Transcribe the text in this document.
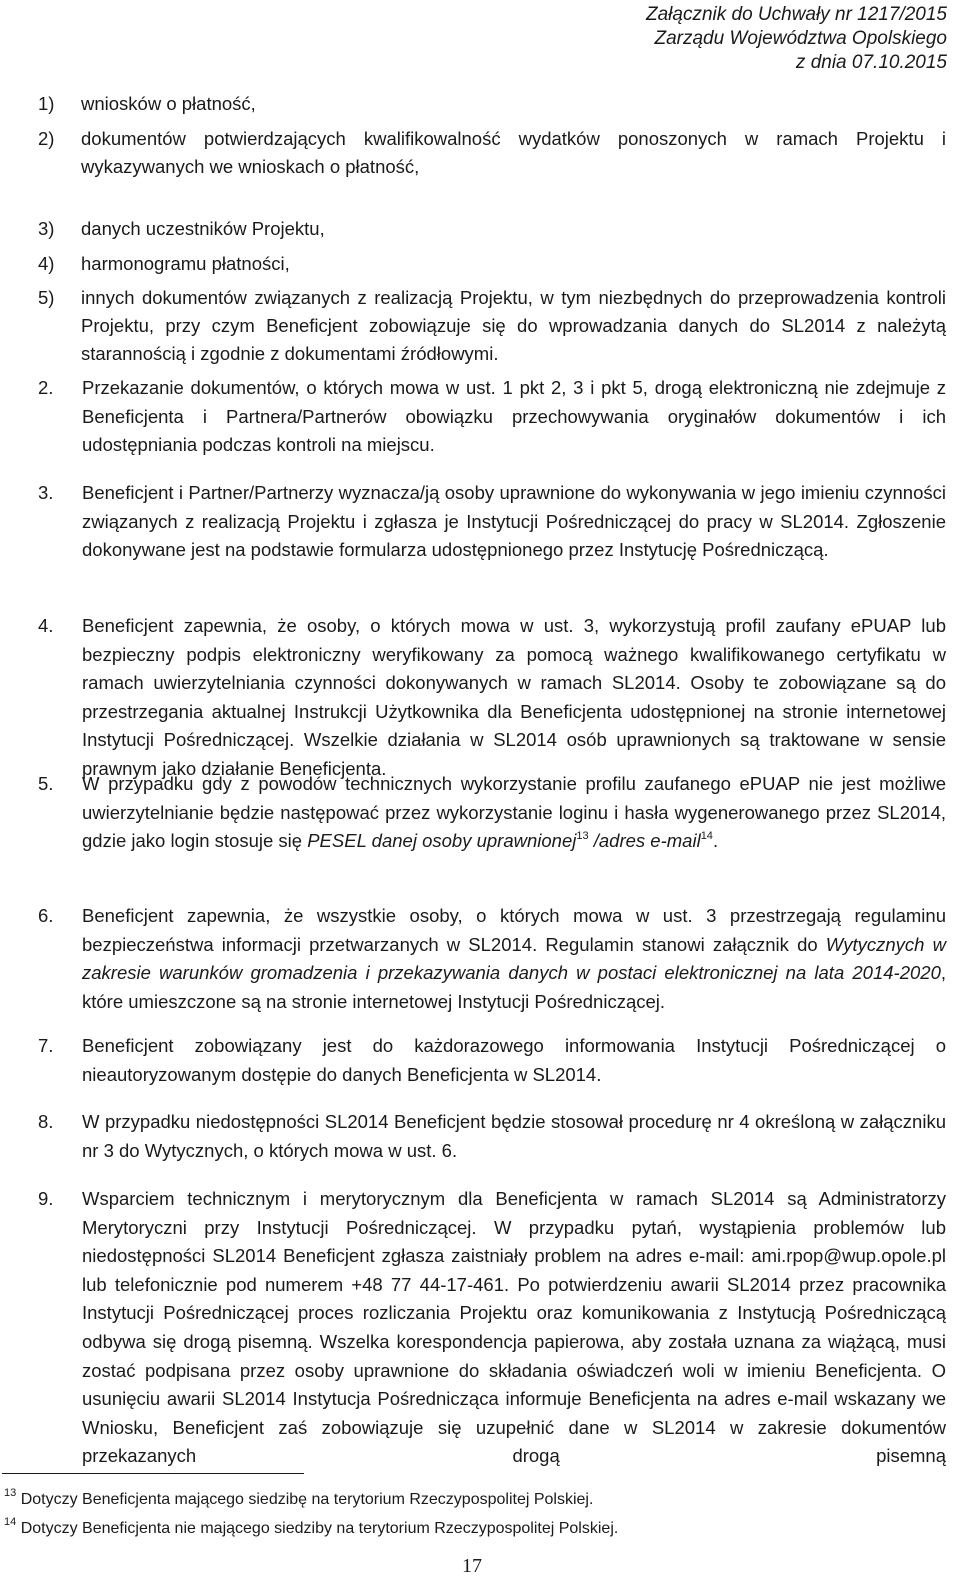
Załącznik do Uchwały nr 1217/2015
Zarządu Województwa Opolskiego
z dnia 07.10.2015
1) wniosków o płatność,
2) dokumentów potwierdzających kwalifikowalność wydatków ponoszonych w ramach Projektu i wykazywanych we wnioskach o płatność,
3) danych uczestników Projektu,
4) harmonogramu płatności,
5) innych dokumentów związanych z realizacją Projektu, w tym niezbędnych do przeprowadzenia kontroli Projektu, przy czym Beneficjent zobowiązuje się do wprowadzania danych do SL2014 z należytą starannością i zgodnie z dokumentami źródłowymi.
2. Przekazanie dokumentów, o których mowa w ust. 1 pkt 2, 3 i pkt 5, drogą elektroniczną nie zdejmuje z Beneficjenta i Partnera/Partnerów obowiązku przechowywania oryginałów dokumentów i ich udostępniania podczas kontroli na miejscu.
3. Beneficjent i Partner/Partnerzy wyznacza/ją osoby uprawnione do wykonywania w jego imieniu czynności związanych z realizacją Projektu i zgłasza je Instytucji Pośredniczącej do pracy w SL2014. Zgłoszenie dokonywane jest na podstawie formularza udostępnionego przez Instytucję Pośredniczącą.
4. Beneficjent zapewnia, że osoby, o których mowa w ust. 3, wykorzystują profil zaufany ePUAP lub bezpieczny podpis elektroniczny weryfikowany za pomocą ważnego kwalifikowanego certyfikatu w ramach uwierzytelniania czynności dokonywanych w ramach SL2014. Osoby te zobowiązane są do przestrzegania aktualnej Instrukcji Użytkownika dla Beneficjenta udostępnionej na stronie internetowej Instytucji Pośredniczącej. Wszelkie działania w SL2014 osób uprawnionych są traktowane w sensie prawnym jako działanie Beneficjenta.
5. W przypadku gdy z powodów technicznych wykorzystanie profilu zaufanego ePUAP nie jest możliwe uwierzytelnianie będzie następować przez wykorzystanie loginu i hasła wygenerowanego przez SL2014, gdzie jako login stosuje się PESEL danej osoby uprawnionej$^{13}$ /adres e-mail$^{14}$.
6. Beneficjent zapewnia, że wszystkie osoby, o których mowa w ust. 3 przestrzegają regulaminu bezpieczeństwa informacji przetwarzanych w SL2014. Regulamin stanowi załącznik do Wytycznych w zakresie warunków gromadzenia i przekazywania danych w postaci elektronicznej na lata 2014-2020, które umieszczone są na stronie internetowej Instytucji Pośredniczącej.
7. Beneficjent zobowiązany jest do każdorazowego informowania Instytucji Pośredniczącej o nieautoryzowanym dostępie do danych Beneficjenta w SL2014.
8. W przypadku niedostępności SL2014 Beneficjent będzie stosował procedurę nr 4 określoną w załączniku nr 3 do Wytycznych, o których mowa w ust. 6.
9. Wsparciem technicznym i merytorycznym dla Beneficjenta w ramach SL2014 są Administratorzy Merytoryczni przy Instytucji Pośredniczącej. W przypadku pytań, wystąpienia problemów lub niedostępności SL2014 Beneficjent zgłasza zaistniały problem na adres e-mail: ami.rpop@wup.opole.pl lub telefonicznie pod numerem +48 77 44-17-461. Po potwierdzeniu awarii SL2014 przez pracownika Instytucji Pośredniczącej proces rozliczania Projektu oraz komunikowania z Instytucją Pośredniczącą odbywa się drogą pisemną. Wszelka korespondencja papierowa, aby została uznana za wiążącą, musi zostać podpisana przez osoby uprawnione do składania oświadczeń woli w imieniu Beneficjenta. O usunięciu awarii SL2014 Instytucja Pośrednicząca informuje Beneficjenta na adres e-mail wskazany we Wniosku, Beneficjent zaś zobowiązuje się uzupełnić dane w SL2014 w zakresie dokumentów przekazanych drogą pisemną
$^{13}$ Dotyczy Beneficjenta mającego siedzibę na terytorium Rzeczypospolitej Polskiej.
$^{14}$ Dotyczy Beneficjenta nie mającego siedziby na terytorium Rzeczypospolitej Polskiej.
17
